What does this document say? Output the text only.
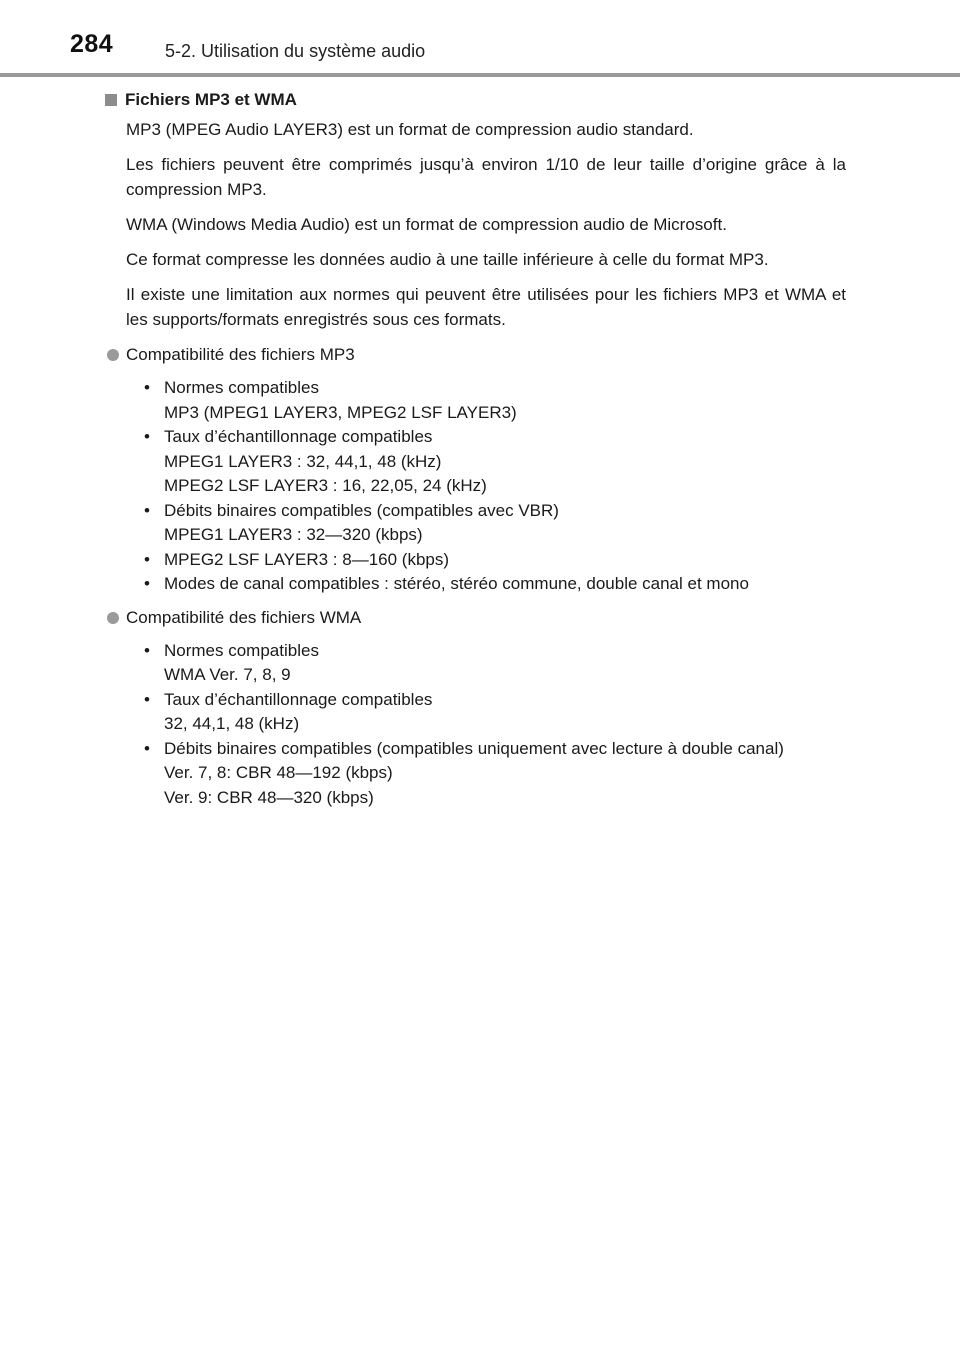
284	5-2. Utilisation du système audio
Fichiers MP3 et WMA

MP3 (MPEG Audio LAYER3) est un format de compression audio standard.

Les fichiers peuvent être comprimés jusqu’à environ 1/10 de leur taille d’origine grâce à la compression MP3.

WMA (Windows Media Audio) est un format de compression audio de Microsoft.

Ce format compresse les données audio à une taille inférieure à celle du format MP3.

Il existe une limitation aux normes qui peuvent être utilisées pour les fichiers MP3 et WMA et les supports/formats enregistrés sous ces formats.

Compatibilité des fichiers MP3
• Normes compatibles
MP3 (MPEG1 LAYER3, MPEG2 LSF LAYER3)
• Taux d’échantillonnage compatibles
MPEG1 LAYER3 : 32, 44,1, 48 (kHz)
MPEG2 LSF LAYER3 : 16, 22,05, 24 (kHz)
• Débits binaires compatibles (compatibles avec VBR)
MPEG1 LAYER3 : 32—320 (kbps)
• MPEG2 LSF LAYER3 : 8—160 (kbps)
• Modes de canal compatibles : stéréo, stéréo commune, double canal et mono
Compatibilité des fichiers WMA
• Normes compatibles
WMA Ver. 7, 8, 9
• Taux d’échantillonnage compatibles
32, 44,1, 48 (kHz)
• Débits binaires compatibles (compatibles uniquement avec lecture à double canal)
Ver. 7, 8: CBR 48—192 (kbps)
Ver. 9: CBR 48—320 (kbps)
